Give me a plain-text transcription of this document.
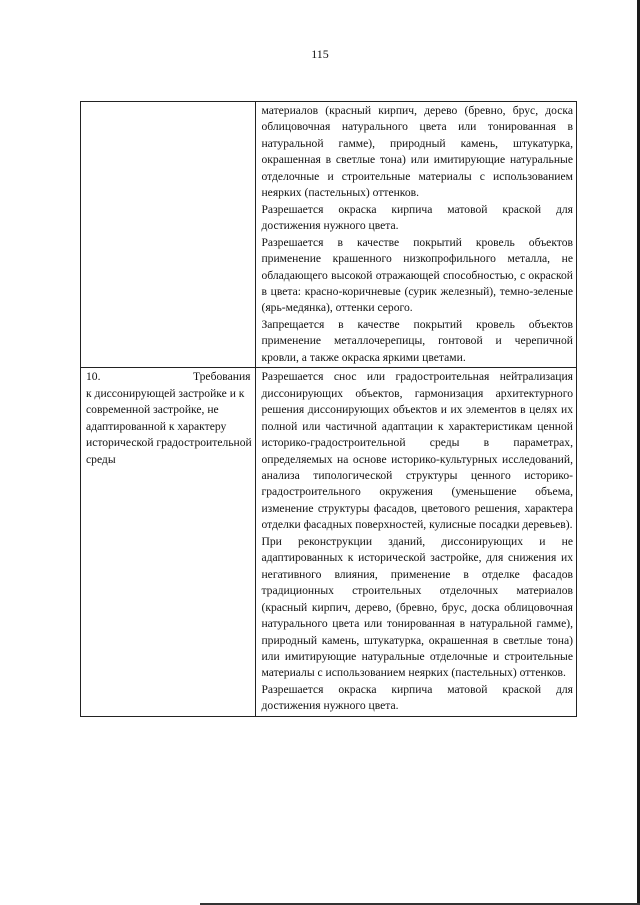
115

	материалов (красный кирпич, дерево (бревно, брус, доска облицовочная натурального цвета или тонированная в натуральной гамме), природный камень, штукатурка, окрашенная в светлые тона) или имитирующие натуральные отделочные и строительные материалы с использованием неярких (пастельных) оттенков.

Разрешается окраска кирпича матовой краской для достижения нужного цвета.

Разрешается в качестве покрытий кровель объектов применение крашенного низкопрофильного металла, не обладающего высокой отражающей способностью, с окраской в цвета: красно-коричневые (сурик железный), темно-зеленые (ярь-медянка), оттенки серого.

Запрещается в качестве покрытий кровель объектов применение металлочерепицы, гонтовой и черепичной кровли, а также окраска яркими цветами.

10. Требования к диссонирующей застройке и к современной застройке, не адаптированной к характеру исторической градостроительной среды	Разрешается снос или градостроительная нейтрализация диссонирующих объектов, гармонизация архитектурного решения диссонирующих объектов и их элементов в целях их полной или частичной адаптации к характеристикам ценной историко-градостроительной среды в параметрах, определяемых на основе историко-культурных исследований, анализа типологической структуры ценного историко-градостроительного окружения (уменьшение объема, изменение структуры фасадов, цветового решения, характера отделки фасадных поверхностей, кулисные посадки деревьев).

При реконструкции зданий, диссонирующих и не адаптированных к исторической застройке, для снижения их негативного влияния, применение в отделке фасадов традиционных строительных отделочных материалов (красный кирпич, дерево, (бревно, брус, доска облицовочная натурального цвета или тонированная в натуральной гамме), природный камень, штукатурка, окрашенная в светлые тона) или имитирующие натуральные отделочные и строительные материалы с использованием неярких (пастельных) оттенков.

Разрешается окраска кирпича матовой краской для достижения нужного цвета.
